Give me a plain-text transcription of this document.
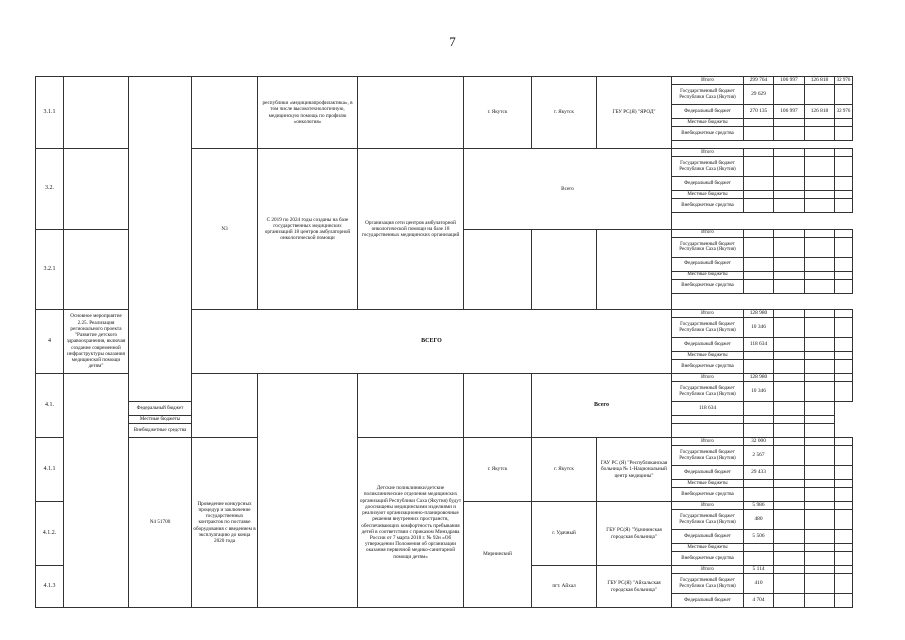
7
3.1.1				республики «медицинапрофилактика», в том числе высокотехнологичную, медицинскую помощь по профилю «онкология»		г. Якутск	г. Якутск	ГБУ РС(Я) "ЯРОД"	Итого	299 764	106 997	126 818	32 976
									Государственный бюджет Республики Саха (Якутия)	29 629			
									Федеральный бюджет	270 135	106 997	126 818	32 976
									Местные бюджеты				
									Внебюджетные средства				

3.2.			N3	С 2019 по 2024 годы созданы на базе государственных медицинских организаций 18 центров амбулаторной онкологической помощи	Организация сети центров амбулаторной онкологической помощи на базе 18 государственных медицинских организаций	Всего			Итого				
									Государственный бюджет Республики Саха (Якутия)				
									Федеральный бюджет				
									Местные бюджеты				
									Внебюджетные средства				

3.2.1									Итого				
									Государственный бюджет Республики Саха (Якутия)				
									Федеральный бюджет				
									Местные бюджеты				
									Внебюджетные средства				

4	Основное мероприятие 2.25. Реализация регионального проекта "Развитие детского здравоохранения, включая создание современной инфраструктуры оказания медицинской помощи детям"		ВСЕГО						Итого	128 980			
									Государственный бюджет Республики Саха (Якутия)	10 346			
									Федеральный бюджет	118 634			
									Местные бюджеты				
									Внебюджетные средства				
4.1.							Всего		Итого	128 980			
									Государственный бюджет Республики Саха (Якутия)	10 346			
		Федеральный бюджет							118 634				
		Местные бюджеты											
		Внебюджетные средства											
4.1.1		N4 51700	Проведение конкурсных процедур и заключение государственных контрактов по поставке оборудования с введением в эксплуатацию до конца 2020 года		Детские поликлиники/детские поликлинические отделения медицинских организаций Республики Саха (Якутия) будут дооснащены медицинскими изделиями и реализуют организационно-планировочные решения внутренних пространств, обеспечивающих комфортность пребывания детей в соответствии с приказом Минздрава России от 7 марта 2018 г. № 92н «Об утверждении Положения об организации оказания первичной медико-санитарной помощи детям»	г. Якутск	г. Якутск	ГАУ РС (Я) "Республиканская больница № 1-Национальный центр медицины"	Итого	32 000			
									Государственный бюджет Республики Саха (Якутия)	2 567			
									Федеральный бюджет	29 433			
									Местные бюджеты				
									Внебюджетные средства				
4.1.2.						Мирнинский	г. Удачный	ГБУ РС(Я) "Удачнинская городская больница"	Итого	5 986			
									Государственный бюджет Республики Саха (Якутия)	480			
									Федеральный бюджет	5 506			
									Местные бюджеты				
									Внебюджетные средства				
4.1.3							пгт. Айхал	ГБУ РС(Я) "Айхальская городская больница"	Итого	5 114			
									Государственный бюджет Республики Саха (Якутия)	410			
									Федеральный бюджет	4 704			
